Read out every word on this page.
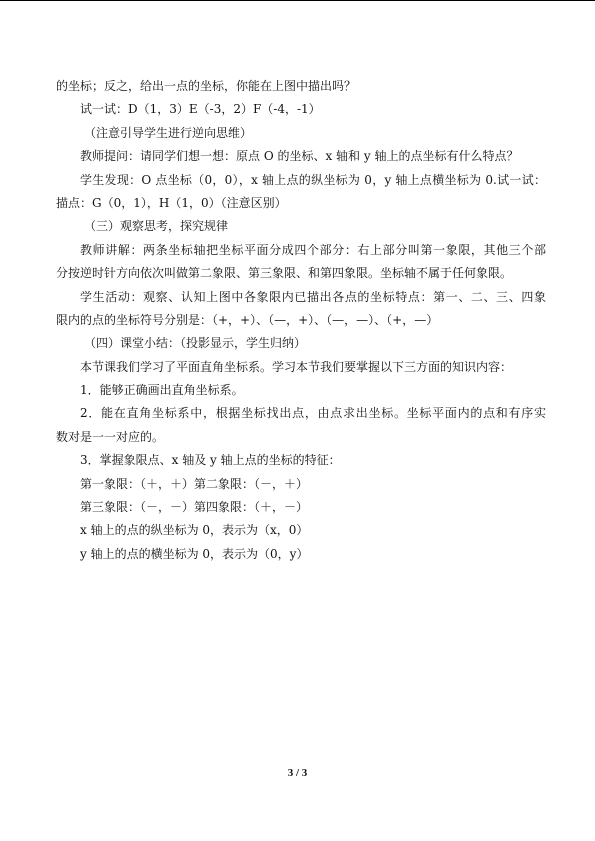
的坐标；反之，给出一点的坐标，你能在上图中描出吗？
试一试：D（1，3）E（-3，2）F（-4，-1）
（注意引导学生进行逆向思维）
教师提问：请同学们想一想：原点 O 的坐标、x 轴和 y 轴上的点坐标有什么特点？
学生发现：O 点坐标（0，0），x 轴上点的纵坐标为 0，y 轴上点横坐标为 0.试一试：
描点：G（0，1），H（1，0）（注意区别）
（三）观察思考，探究规律
教师讲解：两条坐标轴把坐标平面分成四个部分：右上部分叫第一象限，其他三个部
分按逆时针方向依次叫做第二象限、第三象限、和第四象限。坐标轴不属于任何象限。
学生活动：观察、认知上图中各象限内已描出各点的坐标特点：第一、二、三、四象
限内的点的坐标符号分别是：（+，+）、（—，+）、（—，—）、（+，—）
（四）课堂小结：（投影显示，学生归纳）
本节课我们学习了平面直角坐标系。学习本节我们要掌握以下三方面的知识内容：
1．能够正确画出直角坐标系。
2．能在直角坐标系中，根据坐标找出点，由点求出坐标。坐标平面内的点和有序实
数对是一一对应的。
3．掌握象限点、x 轴及 y 轴上点的坐标的特征：
第一象限：（＋，＋）第二象限：（－，＋）
第三象限：（－，－）第四象限：（＋，－）
x 轴上的点的纵坐标为 0，表示为（x，0）
y 轴上的点的横坐标为 0，表示为（0，y）
3 / 3
